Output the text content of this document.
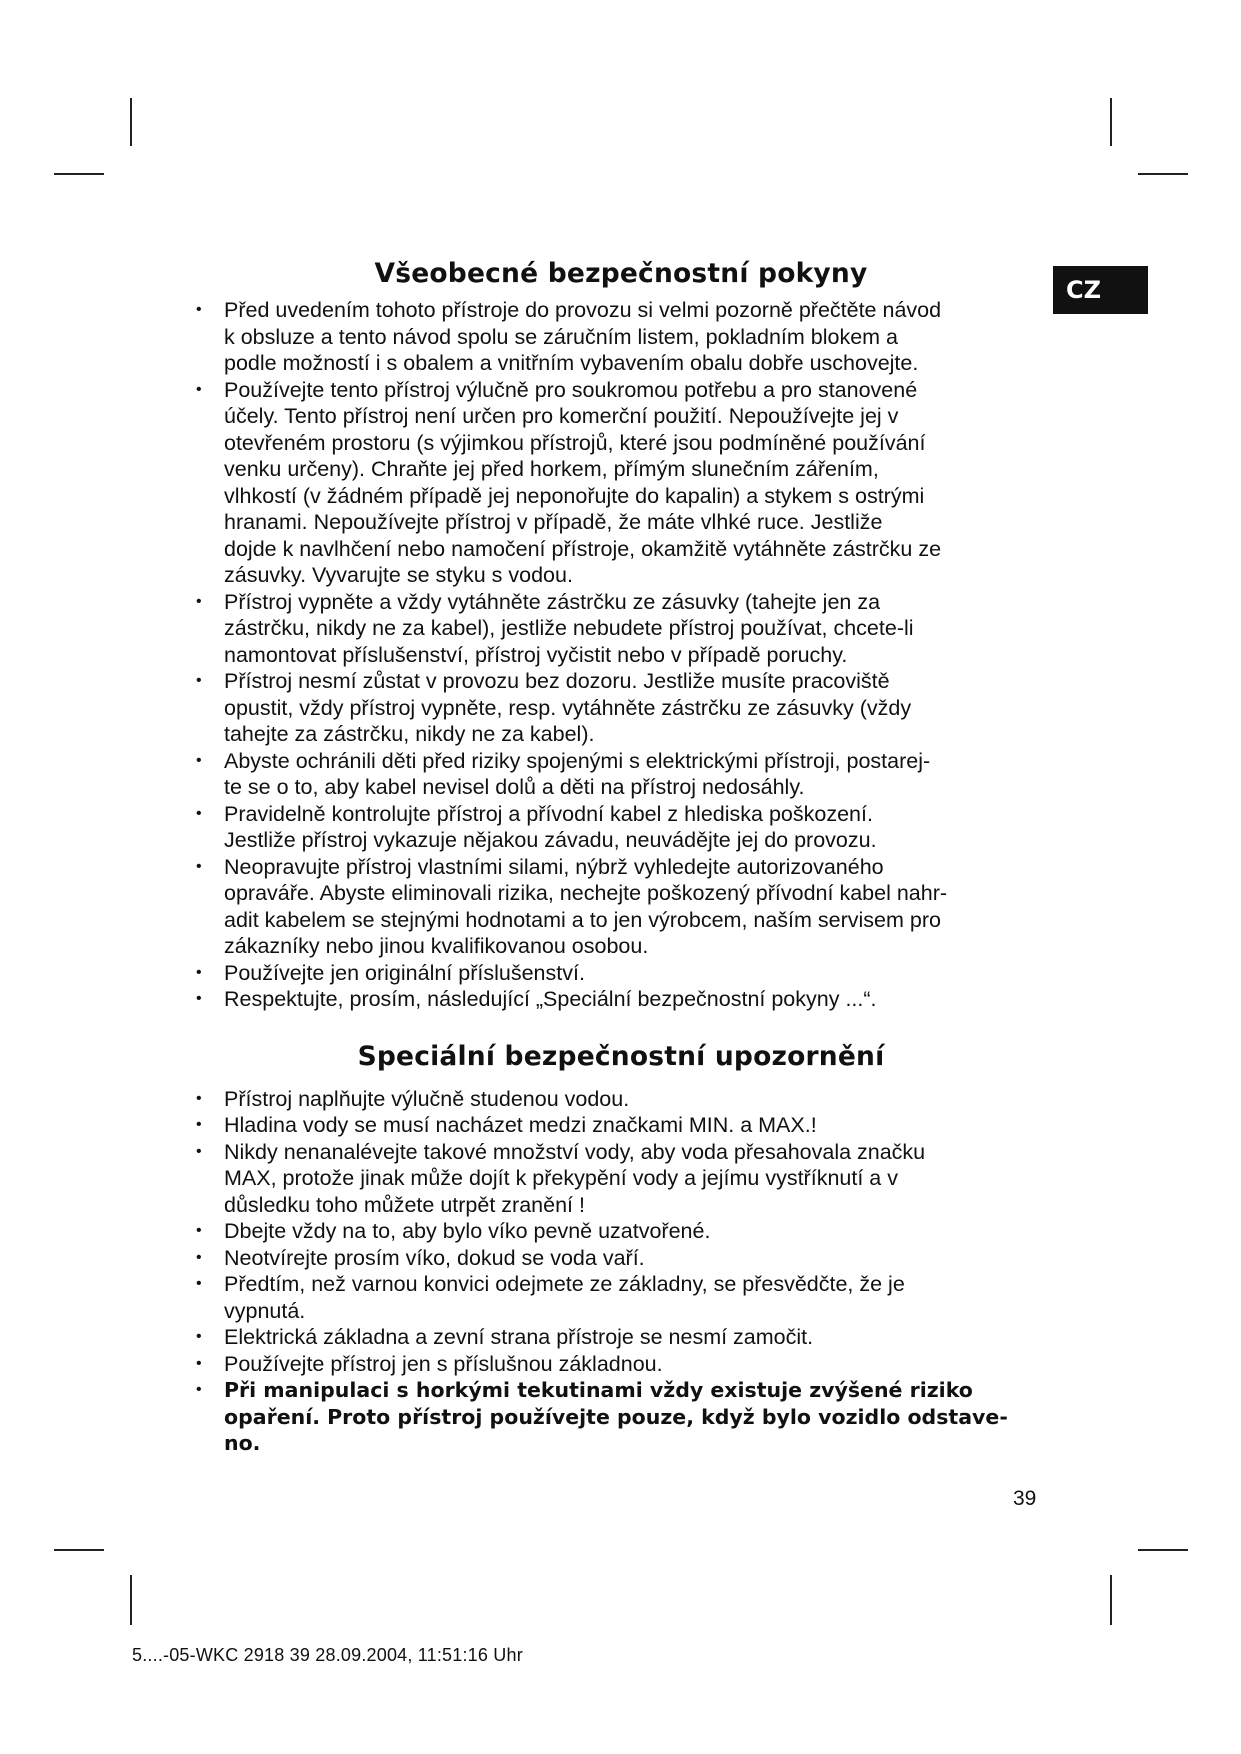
CZ
Všeobecné bezpečnostní pokyny
•	Před uvedením tohoto přístroje do provozu si velmi pozorně přečtěte návod
k obsluze a tento návod spolu se záručním listem, pokladním blokem a
podle možností i s obalem a vnitřním vybavením obalu dobře uschovejte.
•	Používejte tento přístroj výlučně pro soukromou potřebu a pro stanovené
účely. Tento přístroj není určen pro komerční použití. Nepoužívejte jej v
otevřeném prostoru (s výjimkou přístrojů, které jsou podmíněné používání
venku určeny). Chraňte jej před horkem, přímým slunečním zářením,
vlhkostí (v žádném případě jej neponořujte do kapalin) a stykem s ostrými
hranami. Nepoužívejte přístroj v případě, že máte vlhké ruce. Jestliže
dojde k navlhčení nebo namočení přístroje, okamžitě vytáhněte zástrčku ze
zásuvky. Vyvarujte se styku s vodou.
•	Přístroj vypněte a vždy vytáhněte zástrčku ze zásuvky (tahejte jen za
zástrčku, nikdy ne za kabel), jestliže nebudete přístroj používat, chcete-li
namontovat příslušenství, přístroj vyčistit nebo v případě poruchy.
•	Přístroj nesmí zůstat v provozu bez dozoru. Jestliže musíte pracoviště
opustit, vždy přístroj vypněte, resp. vytáhněte zástrčku ze zásuvky (vždy
tahejte za zástrčku, nikdy ne za kabel).
•	Abyste ochránili děti před riziky spojenými s elektrickými přístroji, postarej-
te se o to, aby kabel nevisel dolů a děti na přístroj nedosáhly.
•	Pravidelně kontrolujte přístroj a přívodní kabel z hlediska poškození.
Jestliže přístroj vykazuje nějakou závadu, neuvádějte jej do provozu.
•	Neopravujte přístroj vlastními silami, nýbrž vyhledejte autorizovaného
opraváře. Abyste eliminovali rizika, nechejte poškozený přívodní kabel nahr-
adit kabelem se stejnými hodnotami a to jen výrobcem, naším servisem pro
zákazníky nebo jinou kvalifikovanou osobou.
•	Používejte jen originální příslušenství.
•	Respektujte, prosím, následující „Speciální bezpečnostní pokyny ...“.
Speciální bezpečnostní upozornění
•	Přístroj naplňujte výlučně studenou vodou.
•	Hladina vody se musí nacházet medzi značkami MIN. a MAX.!
•	Nikdy nenanalévejte takové množství vody, aby voda přesahovala značku
MAX, protože jinak může dojít k překypění vody a jejímu vystříknutí a v
důsledku toho můžete utrpět zranění !
•	Dbejte vždy na to, aby bylo víko pevně uzatvořené.
•	Neotvírejte prosím víko, dokud se voda vaří.
•	Předtím, než varnou konvici odejmete ze základny, se přesvědčte, že je
vypnutá.
•	Elektrická základna a zevní strana přístroje se nesmí zamočit.
•	Používejte přístroj jen s příslušnou základnou.
•	Při manipulaci s horkými tekutinami vždy existuje zvýšené riziko
opaření. Proto přístroj používejte pouze, když bylo vozidlo odstave-
no.
39
5....-05-WKC 2918 39 28.09.2004, 11:51:16 Uhr
